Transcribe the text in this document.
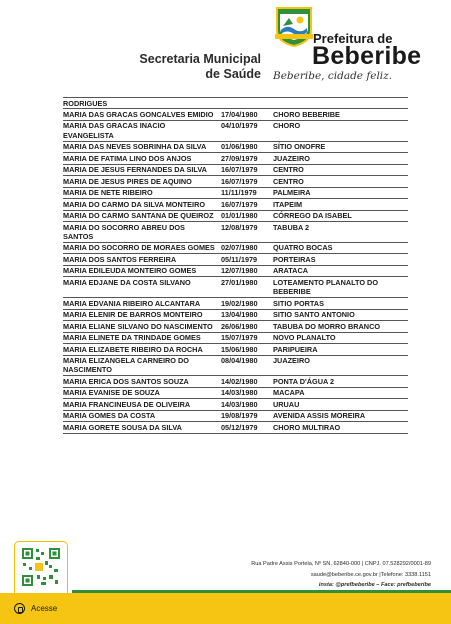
Secretaria Municipal
de Saúde
Prefeitura de
Beberibe
Beberibe, cidade feliz.
RODRIGUES		
MARIA DAS GRACAS GONCALVES EMIDIO	17/04/1980	CHORO BEBERIBE
MARIA DAS GRACAS INACIO EVANGELISTA	04/10/1979	CHORO
MARIA DAS NEVES SOBRINHA DA SILVA	01/06/1980	SÍTIO ONOFRE
MARIA DE FATIMA LINO DOS ANJOS	27/09/1979	JUAZEIRO
MARIA DE JESUS FERNANDES DA SILVA	16/07/1979	CENTRO
MARIA DE JESUS PIRES DE AQUINO	16/07/1979	CENTRO
MARIA DE NETE RIBEIRO	11/11/1979	PALMEIRA
MARIA DO CARMO DA SILVA MONTEIRO	16/07/1979	ITAPEIM
MARIA DO CARMO SANTANA DE QUEIROZ	01/01/1980	CÓRREGO DA ISABEL
MARIA DO SOCORRO ABREU DOS SANTOS	12/08/1979	TABUBA 2
MARIA DO SOCORRO DE MORAES GOMES	02/07/1980	QUATRO BOCAS
MARIA DOS SANTOS FERREIRA	05/11/1979	PORTEIRAS
MARIA EDILEUDA MONTEIRO GOMES	12/07/1980	ARATACA
MARIA EDJANE DA COSTA SILVANO	27/01/1980	LOTEAMENTO PLANALTO DO BEBERIBE
MARIA EDVANIA RIBEIRO ALCANTARA	19/02/1980	SITIO PORTAS
MARIA ELENIR DE BARROS MONTEIRO	13/04/1980	SITIO SANTO ANTONIO
MARIA ELIANE SILVANO DO NASCIMENTO	26/06/1980	TABUBA DO MORRO BRANCO
MARIA ELINETE DA TRINDADE GOMES	15/07/1979	NOVO PLANALTO
MARIA ELIZABETE RIBEIRO DA ROCHA	15/06/1980	PARIPUEIRA
MARIA ELIZANGELA CARNEIRO DO NASCIMENTO	08/04/1980	JUAZEIRO
MARIA ERICA DOS SANTOS SOUZA	14/02/1980	PONTA D'ÁGUA 2
MARIA EVANISE DE SOUZA	14/03/1980	MACAPA
MARIA FRANCINEUSA DE OLIVEIRA	14/03/1980	URUAU
MARIA GOMES DA COSTA	19/08/1979	AVENIDA ASSIS MOREIRA
MARIA GORETE SOUSA DA SILVA	05/12/1979	CHORO MULTIRAO
Rua Padre Assis Portela, Nº SN, 62840-000 | CNPJ. 07.528292/0001-89
saude@beberibe.ce.gov.br |Telefone: 3338.1151
insta: @prefbeberibe – Face: prefbeberibe
Acesse
